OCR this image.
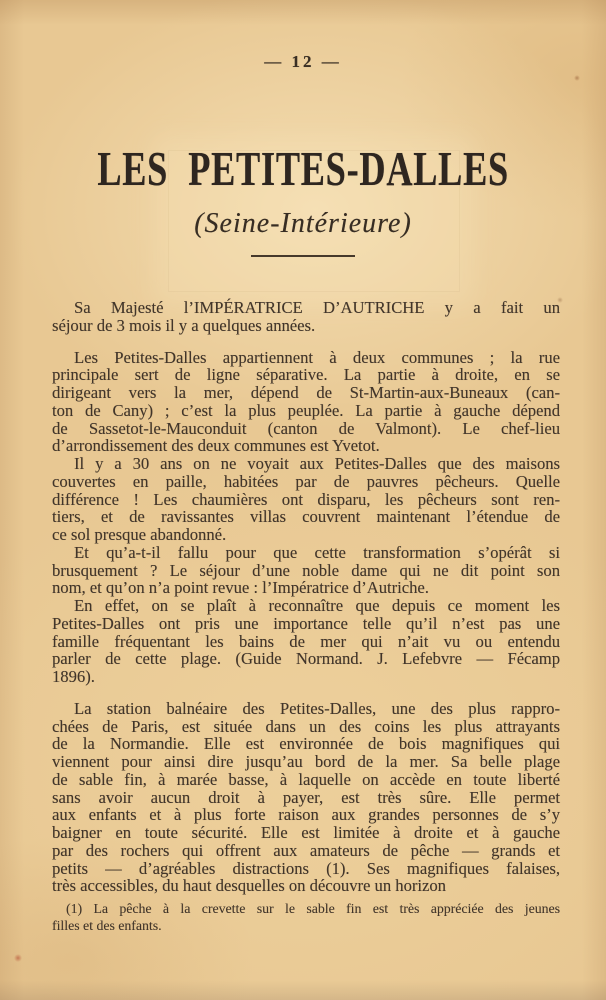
— 12 —
LES PETITES-DALLES
(Seine-Intérieure)
Sa Majesté l’IMPÉRATRICE D’AUTRICHE y a fait un
séjour de 3 mois il y a quelques années.
Les Petites-Dalles appartiennent à deux communes ; la rue
principale sert de ligne séparative. La partie à droite, en se
dirigeant vers la mer, dépend de St-Martin-aux-Buneaux (can-
ton de Cany) ; c’est la plus peuplée. La partie à gauche dépend
de Sassetot-le-Mauconduit (canton de Valmont). Le chef-lieu
d’arrondissement des deux communes est Yvetot.
Il y a 30 ans on ne voyait aux Petites-Dalles que des maisons
couvertes en paille, habitées par de pauvres pêcheurs. Quelle
différence ! Les chaumières ont disparu, les pêcheurs sont ren-
tiers, et de ravissantes villas couvrent maintenant l’étendue de
ce sol presque abandonné.
Et qu’a-t-il fallu pour que cette transformation s’opérât si
brusquement ? Le séjour d’une noble dame qui ne dit point son
nom, et qu’on n’a point revue : l’Impératrice d’Autriche.
En effet, on se plaît à reconnaître que depuis ce moment les
Petites-Dalles ont pris une importance telle qu’il n’est pas une
famille fréquentant les bains de mer qui n’ait vu ou entendu
parler de cette plage. (Guide Normand. J. Lefebvre — Fécamp
1896).
La station balnéaire des Petites-Dalles, une des plus rappro-
chées de Paris, est située dans un des coins les plus attrayants
de la Normandie. Elle est environnée de bois magnifiques qui
viennent pour ainsi dire jusqu’au bord de la mer. Sa belle plage
de sable fin, à marée basse, à laquelle on accède en toute liberté
sans avoir aucun droit à payer, est très sûre. Elle permet
aux enfants et à plus forte raison aux grandes personnes de s’y
baigner en toute sécurité. Elle est limitée à droite et à gauche
par des rochers qui offrent aux amateurs de pêche — grands et
petits — d’agréables distractions (1). Ses magnifiques falaises,
très accessibles, du haut desquelles on découvre un horizon
(1) La pêche à la crevette sur le sable fin est très appréciée des jeunes
filles et des enfants.
